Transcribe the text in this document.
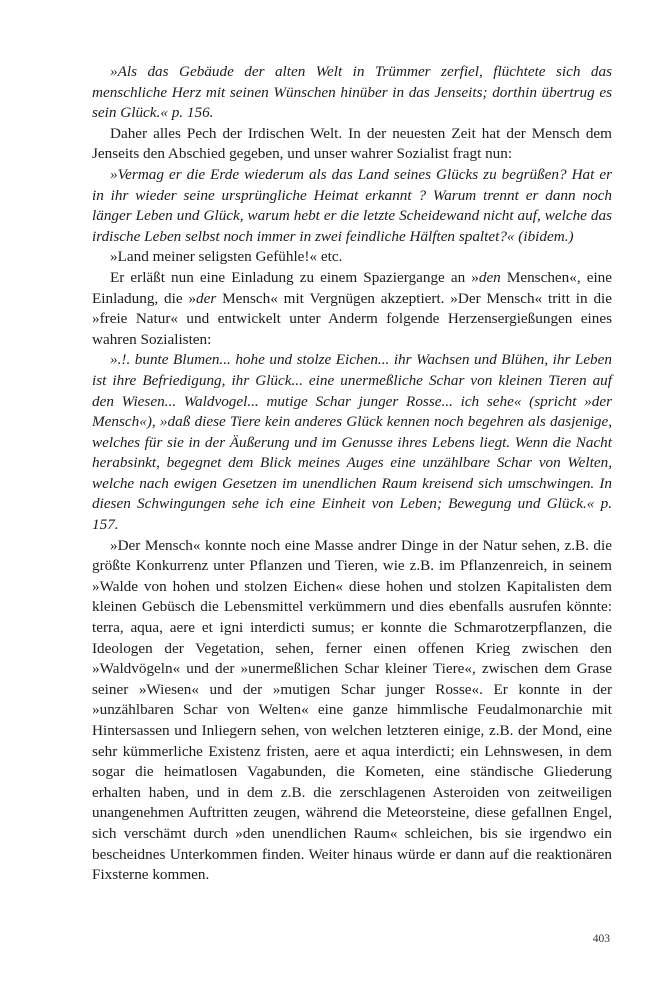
»Als das Gebäude der alten Welt in Trümmer zerfiel, flüchtete sich das menschliche Herz mit seinen Wünschen hinüber in das Jenseits; dorthin übertrug es sein Glück.« p. 156.

Daher alles Pech der Irdischen Welt. In der neuesten Zeit hat der Mensch dem Jenseits den Abschied gegeben, und unser wahrer Sozialist fragt nun:

»Vermag er die Erde wiederum als das Land seines Glücks zu begrüßen? Hat er in ihr wieder seine ursprüngliche Heimat erkannt ? Warum trennt er dann noch länger Leben und Glück, warum hebt er die letzte Scheidewand nicht auf, welche das irdische Leben selbst noch immer in zwei feindliche Hälften spaltet?« (ibidem.)

»Land meiner seligsten Gefühle!« etc.

Er erläßt nun eine Einladung zu einem Spaziergange an »den Menschen«, eine Einladung, die »der Mensch« mit Vergnügen akzeptiert. »Der Mensch« tritt in die »freie Natur« und entwickelt unter Anderm folgende Herzensergießungen eines wahren Sozialisten:

».!. bunte Blumen... hohe und stolze Eichen... ihr Wachsen und Blühen, ihr Leben ist ihre Befriedigung, ihr Glück... eine unermeßliche Schar von kleinen Tieren auf den Wiesen... Waldvogel... mutige Schar junger Rosse... ich sehe« (spricht »der Mensch«), »daß diese Tiere kein anderes Glück kennen noch begehren als dasjenige, welches für sie in der Äußerung und im Genusse ihres Lebens liegt. Wenn die Nacht herabsinkt, begegnet dem Blick meines Auges eine unzählbare Schar von Welten, welche nach ewigen Gesetzen im unendlichen Raum kreisend sich umschwingen. In diesen Schwingungen sehe ich eine Einheit von Leben; Bewegung und Glück.« p. 157.

»Der Mensch« konnte noch eine Masse andrer Dinge in der Natur sehen, z.B. die größte Konkurrenz unter Pflanzen und Tieren, wie z.B. im Pflanzenreich, in seinem »Walde von hohen und stolzen Eichen« diese hohen und stolzen Kapitalisten dem kleinen Gebüsch die Lebensmittel verkümmern und dies ebenfalls ausrufen könnte: terra, aqua, aere et igni interdicti sumus; er konnte die Schmarotzerpflanzen, die Ideologen der Vegetation, sehen, ferner einen offenen Krieg zwischen den »Waldvögeln« und der »unermeßlichen Schar kleiner Tiere«, zwischen dem Grase seiner »Wiesen« und der »mutigen Schar junger Rosse«. Er konnte in der »unzählbaren Schar von Welten« eine ganze himmlische Feudalmonarchie mit Hintersassen und Inliegern sehen, von welchen letzteren einige, z.B. der Mond, eine sehr kümmerliche Existenz fristen, aere et aqua interdicti; ein Lehnswesen, in dem sogar die heimatlosen Vagabunden, die Kometen, eine ständische Gliederung erhalten haben, und in dem z.B. die zerschlagenen Asteroiden von zeitweiligen unangenehmen Auftritten zeugen, während die Meteorsteine, diese gefallnen Engel, sich verschämt durch »den unendlichen Raum« schleichen, bis sie irgendwo ein bescheidnes Unterkommen finden. Weiter hinaus würde er dann auf die reaktionären Fixsterne kommen.

403
